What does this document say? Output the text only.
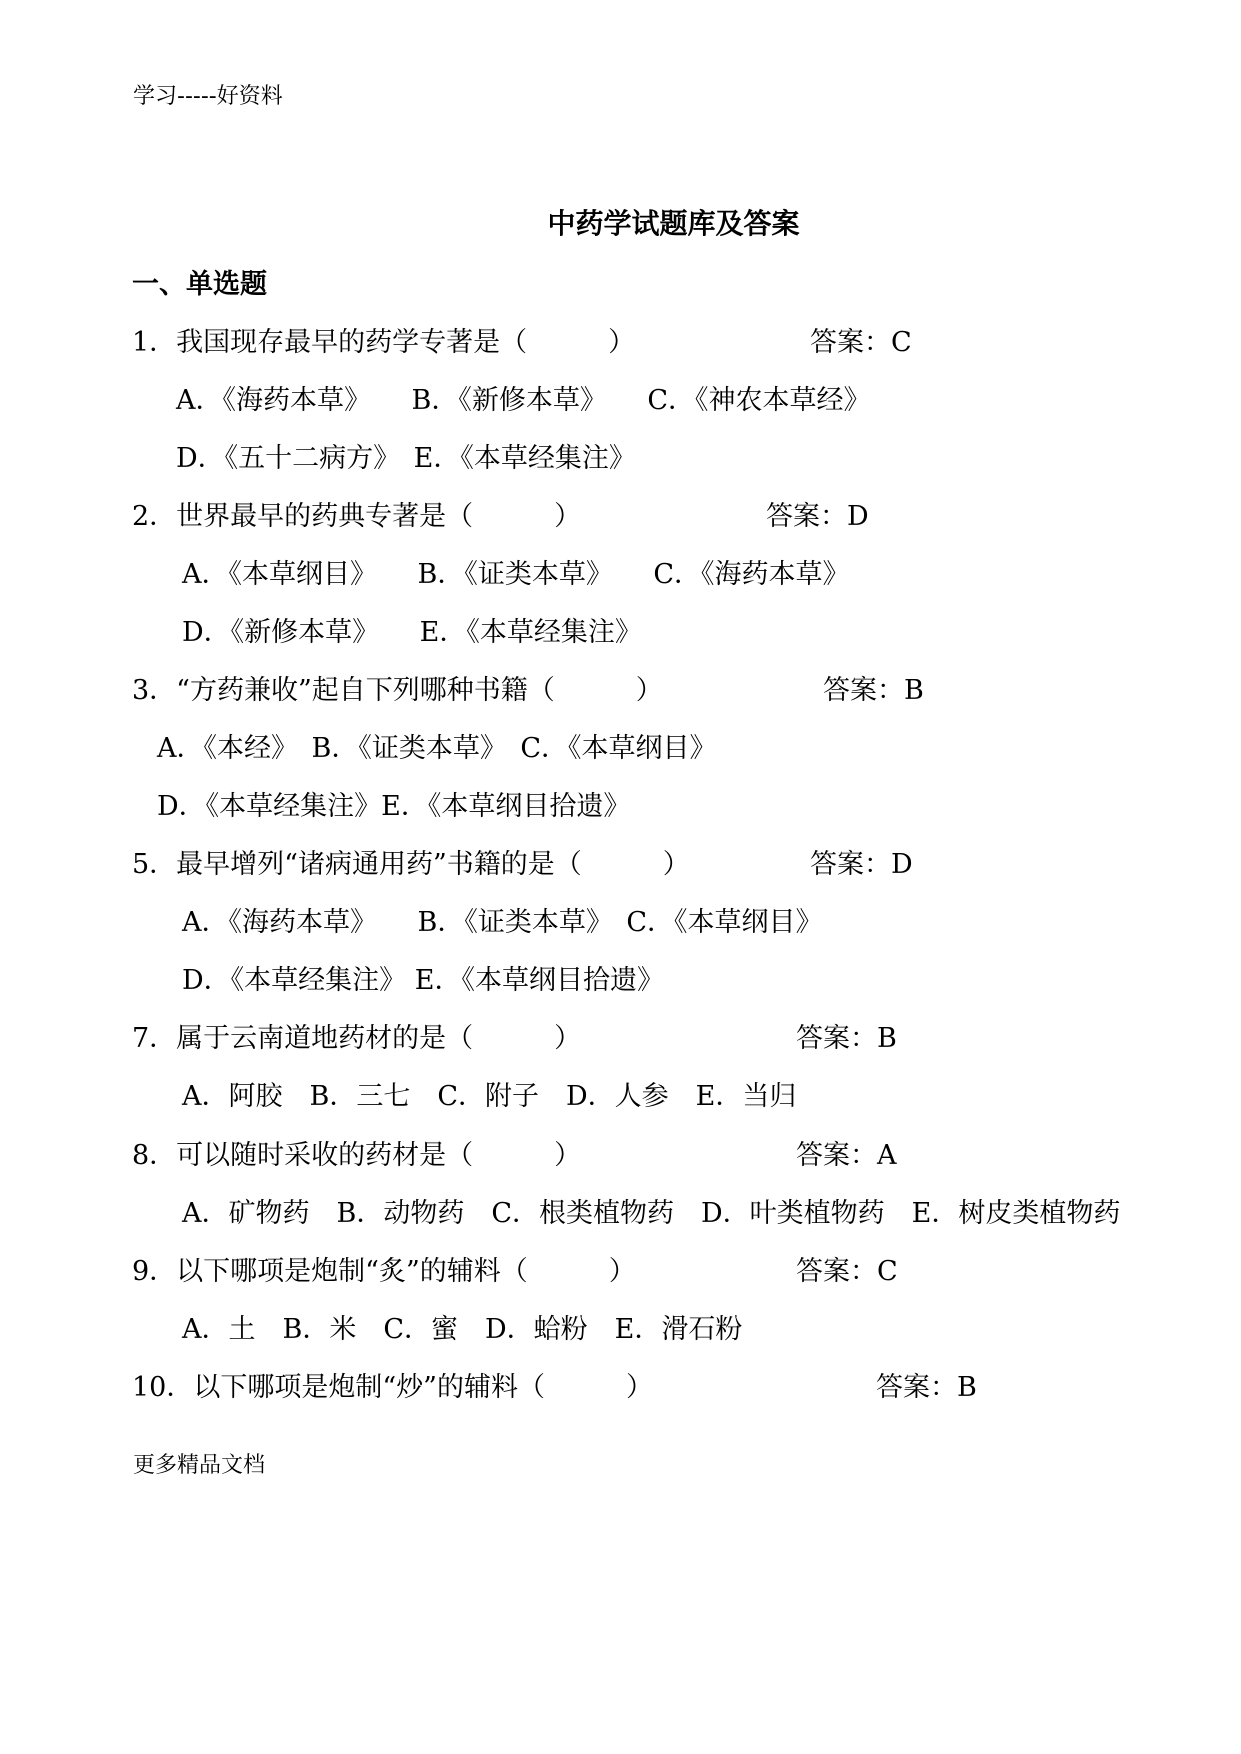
学习-----好资料
中药学试题库及答案
一、单选题
1．我国现存最早的药学专著是（　　　）	答案：C
A．《海药本草》　　B．《新修本草》　　C．《神农本草经》
D．《五十二病方》　E．《本草经集注》
2．世界最早的药典专著是（　　　）	答案：D
A．《本草纲目》　　B．《证类本草》　　C．《海药本草》
D．《新修本草》　　E．《本草经集注》
3．“方药兼收”起自下列哪种书籍（　　　）	答案：B
A．《本经》　B．《证类本草》　C．《本草纲目》
D．《本草经集注》E．《本草纲目拾遗》
5．最早增列“诸病通用药”书籍的是（　　　）	答案：D
A．《海药本草》　　B．《证类本草》　C．《本草纲目》
D．《本草经集注》 E．《本草纲目拾遗》
7．属于云南道地药材的是（　　　）	答案：B
A．阿胶　B．三七　C．附子　D．人参　E．当归
8．可以随时采收的药材是（　　　）	答案：A
A．矿物药　B．动物药　C．根类植物药　D．叶类植物药　E．树皮类植物药
9．以下哪项是炮制“炙”的辅料（　　　）	答案：C
A．土　B．米　C．蜜　D．蛤粉　E．滑石粉
10．以下哪项是炮制“炒”的辅料（　　　）	答案：B
更多精品文档
